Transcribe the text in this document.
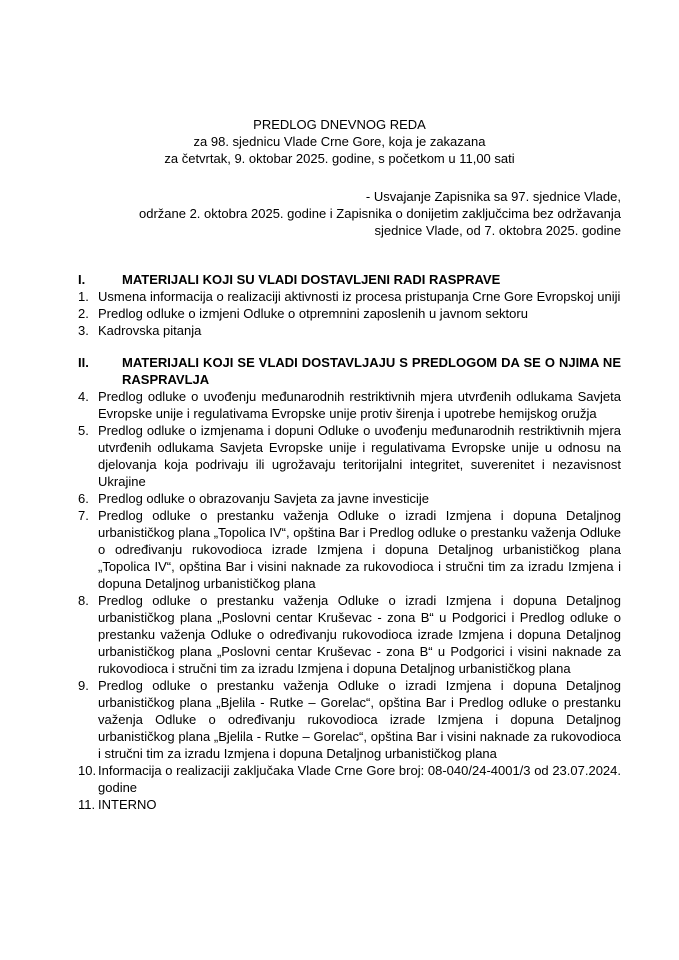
PREDLOG DNEVNOG REDA
za 98. sjednicu Vlade Crne Gore, koja je zakazana
za četvrtak, 9. oktobar 2025. godine, s početkom u 11,00 sati
- Usvajanje Zapisnika sa 97. sjednice Vlade,
održane 2. oktobra 2025. godine i Zapisnika o donijetim zaključcima bez održavanja
sjednice Vlade, od 7. oktobra 2025. godine
I.	MATERIJALI KOJI SU VLADI DOSTAVLJENI RADI RASPRAVE
1. Usmena informacija o realizaciji aktivnosti iz procesa pristupanja Crne Gore Evropskoj uniji
2. Predlog odluke o izmjeni Odluke o otpremnini zaposlenih u javnom sektoru
3. Kadrovska pitanja
II.	MATERIJALI KOJI SE VLADI DOSTAVLJAJU S PREDLOGOM DA SE O NJIMA NE RASPRAVLJA
4. Predlog odluke o uvođenju međunarodnih restriktivnih mjera utvrđenih odlukama Savjeta Evropske unije i regulativama Evropske unije protiv širenja i upotrebe hemijskog oružja
5. Predlog odluke o izmjenama i dopuni Odluke o uvođenju međunarodnih restriktivnih mjera utvrđenih odlukama Savjeta Evropske unije i regulativama Evropske unije u odnosu na djelovanja koja podrivaju ili ugrožavaju teritorijalni integritet, suverenitet i nezavisnost Ukrajine
6. Predlog odluke o obrazovanju Savjeta za javne investicije
7. Predlog odluke o prestanku važenja Odluke o izradi Izmjena i dopuna Detaljnog urbanističkog plana „Topolica IV“, opština Bar i Predlog odluke o prestanku važenja Odluke o određivanju rukovodioca izrade Izmjena i dopuna Detaljnog urbanističkog plana „Topolica IV“, opština Bar i visini naknade za rukovodioca i stručni tim za izradu Izmjena i dopuna Detaljnog urbanističkog plana
8. Predlog odluke o prestanku važenja Odluke o izradi Izmjena i dopuna Detaljnog urbanističkog plana „Poslovni centar Kruševac - zona B“ u Podgorici i Predlog odluke o prestanku važenja Odluke o određivanju rukovodioca izrade Izmjena i dopuna Detaljnog urbanističkog plana „Poslovni centar Kruševac - zona B“ u Podgorici i visini naknade za rukovodioca i stručni tim za izradu Izmjena i dopuna Detaljnog urbanističkog plana
9. Predlog odluke o prestanku važenja Odluke o izradi Izmjena i dopuna Detaljnog urbanističkog plana „Bjelila - Rutke – Gorelac“, opština Bar i Predlog odluke o prestanku važenja Odluke o određivanju rukovodioca izrade Izmjena i dopuna Detaljnog urbanističkog plana „Bjelila - Rutke – Gorelac“, opština Bar i visini naknade za rukovodioca i stručni tim za izradu Izmjena i dopuna Detaljnog urbanističkog plana
10. Informacija o realizaciji zaključaka Vlade Crne Gore broj: 08-040/24-4001/3 od 23.07.2024. godine
11. INTERNO
